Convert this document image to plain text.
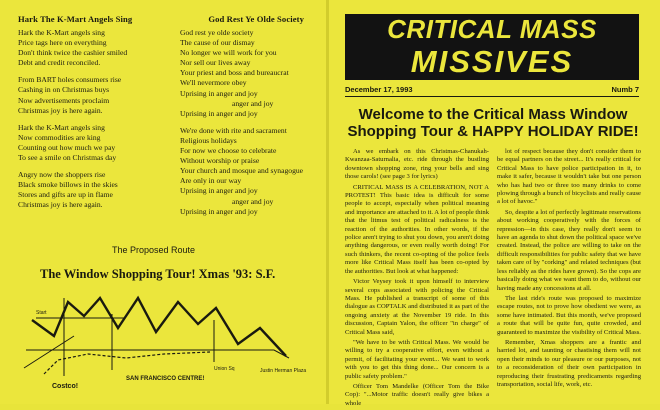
Hark The K-Mart Angels Sing	God Rest Ye Olde Society
Hark the K-Mart angels sing
Price tags here on everything
Don't think twice the cashier smiled
Debt and credit reconciled.
From BART holes consumers rise
Cashing in on Christmas buys
Now advertisements proclaim
Christmas joy is here again.
Hark the K-Mart angels sing
Now commodities are king
Counting out how much we pay
To see a smile on Christmas day
Angry now the shoppers rise
Black smoke billows in the skies
Stores and gifts are up in flame
Christmas joy is here again.
God rest ye olde society
The cause of our dismay
No longer we will work for you
Nor sell our lives away
Your priest and boss and bureaucrat
We'll nevermore obey
Uprising in anger and joy
anger and joy
Uprising in anger and joy
We're done with rite and sacrament
Religious holidays
For now we choose to celebrate
Without worship or praise
Your church and mosque and synagogue
Are only in our way
Uprising in anger and joy
anger and joy
Uprising in anger and joy
The Proposed Route
The Window Shopping Tour! Xmas '93: S.F.
Start
Costco!
SAN FRANCISCO CENTRE!
Union Sq	Justin Herman Plaza
CRITICAL MASS
MISSIVES
December 17, 1993	Numb 7
Welcome to the Critical Mass Window Shopping Tour & HAPPY HOLIDAY RIDE!

As we embark on this Christmas-Chanukah-Kwanzaa-Saturnalia, etc. ride through the bustling downtown shopping zone, ring your bells and sing those carols! (see page 3 for lyrics)

CRITICAL MASS IS A CELEBRATION, NOT A PROTEST! This basic idea is difficult for some people to accept, especially when political meaning and importance are attached to it. A lot of people think that the litmus test of political radicalness is the reaction of the authorities. In other words, if the police aren't trying to shut you down, you aren't doing anything dangerous, or even really worth doing! For such thinkers, the recent co-opting of the police feels more like Critical Mass itself has been co-opted by the authorities. But look at what happened:

Victor Veysey took it upon himself to interview several cops associated with policing the Critical Mass. He published a transcript of some of this dialogue as COPTALK and distributed it as part of the ongoing anxiety at the November 19 ride. In this discussion, Captain Yalon, the officer "in charge" of Critical Mass said,

"We have to be with Critical Mass. We would be willing to try a cooperative effort, even without a permit, of facilitating your event... We want to work with you to get this thing done... Our concern is a public safety problem."

Officer Tom Mandelke (Officer Tom the Bike Cop): "...Motor traffic doesn't really give bikes a whole

lot of respect because they don't consider them to be equal partners on the street... It's really critical for Critical Mass to have police participation in it, to make it safer, because it wouldn't take but one person who has had two or three too many drinks to come plowing through a bunch of bicyclists and really cause a lot of havoc."

So, despite a lot of perfectly legitimate reservations about working cooperatively with the forces of repression—in this case, they really don't seem to have an agenda to shut down the political space we've created. Instead, the police are willing to take on the difficult responsibilities for public safety that we have taken care of by "corking" and related techniques (but less reliably as the rides have grown). So the cops are basically doing what we want them to do, without our having made any concessions at all.

The last ride's route was proposed to maximize escape routes, not to prove how obedient we were, as some have intimated. But this month, we've proposed a route that will be quite fun, quite crowded, and guaranteed to maximize the visibility of Critical Mass.

Remember, Xmas shoppers are a frantic and harried lot, and taunting or chastising them will not open their minds to our pleasure or our purposes, not to a reconsideration of their own participation in reproducing their frustrating predicaments regarding transportation, social life, work, etc.
